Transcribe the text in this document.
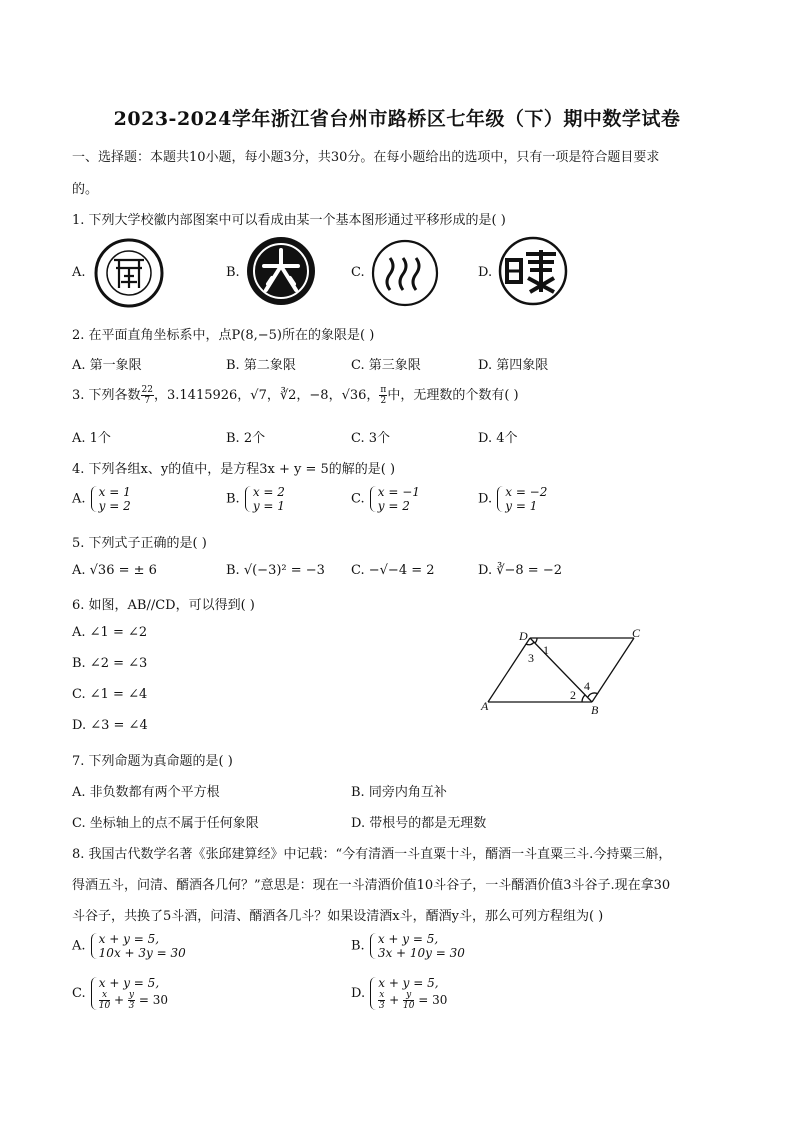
2023-2024学年浙江省台州市路桥区七年级（下）期中数学试卷
一、选择题：本题共10小题，每小题3分，共30分。在每小题给出的选项中，只有一项是符合题目要求
的。
1. 下列大学校徽内部图案中可以看成由某一个基本图形通过平移形成的是( )
A.	B.	C.	D.
2. 在平面直角坐标系中，点P(8,−5)所在的象限是( )
A. 第一象限	B. 第二象限	C. 第三象限	D. 第四象限
3. 下列各数 $\frac{22}{7}$ ，3.1415926，√7，∛2，−8，√36， $\frac{\pi}{2}$ 中，无理数的个数有( )
A. 1个	B. 2个	C. 3个	D. 4个
4. 下列各组x、y的值中，是方程3x + y = 5的解的是( )
A. x = 1
y = 2	B. x = 2
y = 1	C. x = −1
y = 2	D. x = −2
y = 1
5. 下列式子正确的是( )
A. √36 = ± 6	B. √(−3)² = −3 C. −√−4 = 2	D. ∛−8 = −2
6. 如图，AB//CD，可以得到( )
A. ∠1 = ∠2
B. ∠2 = ∠3
C. ∠1 = ∠4
D. ∠3 = ∠4
D	C
A	B
1
3
2
4
7. 下列命题为真命题的是( )
A. 非负数都有两个平方根	B. 同旁内角互补
C. 坐标轴上的点不属于任何象限	D. 带根号的都是无理数
8. 我国古代数学名著《张邱建算经》中记载：“今有清酒一斗直粟十斗，醑酒一斗直粟三斗.今持粟三斛，
得酒五斗，问清、醑酒各几何？”意思是：现在一斗清酒价值10斗谷子，一斗醑酒价值3斗谷子.现在拿30
斗谷子，共换了5斗酒，问清、醑酒各几斗？如果设清酒x斗，醑酒y斗，那么可列方程组为( )
A. x + y = 5,
10x + 3y = 30	B. x + y = 5,
3x + 10y = 30
C.
x + y = 5,
$\frac{x}{10} + \frac{y}{3} = 30$	D.
x + y = 5,
$\frac{x}{3} + \frac{y}{10} = 30$
